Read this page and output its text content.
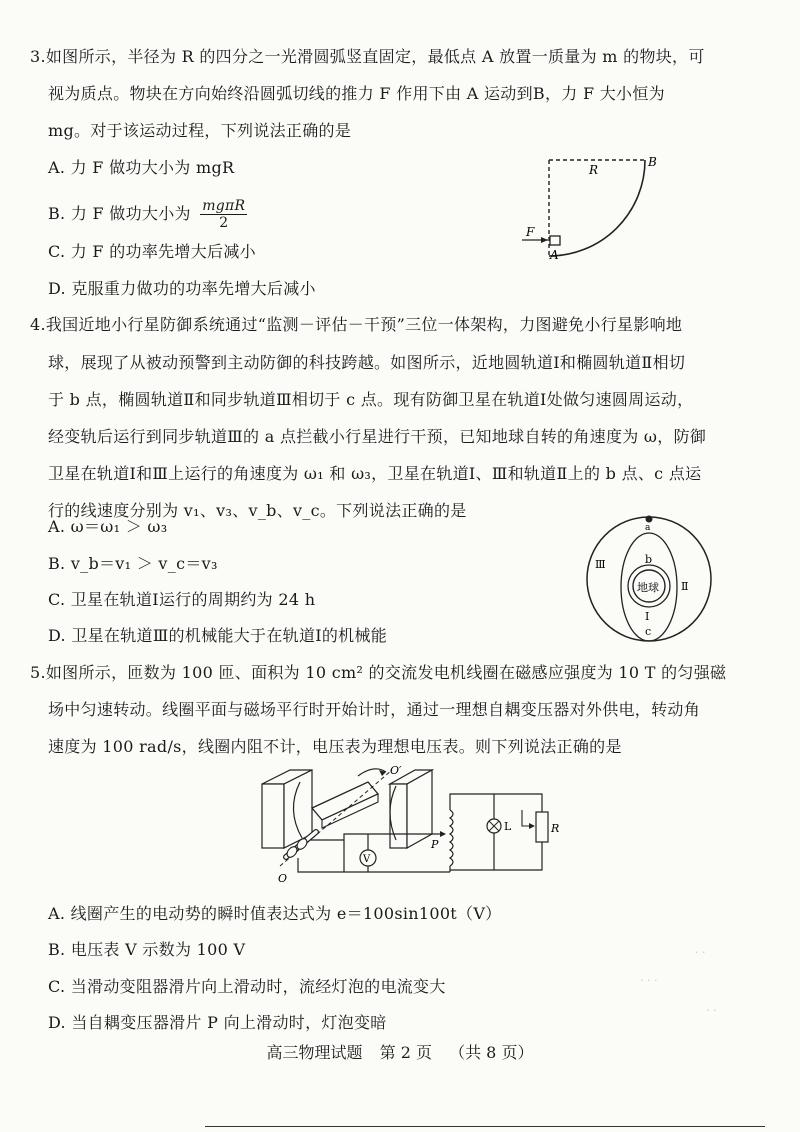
3.如图所示，半径为 R 的四分之一光滑圆弧竖直固定，最低点 A 放置一质量为 m 的物块，可
视为质点。物块在方向始终沿圆弧切线的推力 F 作用下由 A 运动到B，力 F 大小恒为
mg。对于该运动过程，下列说法正确的是
A. 力 F 做功大小为 mgR
B. 力 F 做功大小为 $\frac{\text{mgπR}}{2}$
C. 力 F 的功率先增大后减小
D. 克服重力做功的功率先增大后减小
R
B
A
F
4.我国近地小行星防御系统通过“监测－评估－干预”三位一体架构，力图避免小行星影响地
球，展现了从被动预警到主动防御的科技跨越。如图所示，近地圆轨道Ⅰ和椭圆轨道Ⅱ相切
于 b 点，椭圆轨道Ⅱ和同步轨道Ⅲ相切于 c 点。现有防御卫星在轨道Ⅰ处做匀速圆周运动，
经变轨后运行到同步轨道Ⅲ的 a 点拦截小行星进行干预，已知地球自转的角速度为 ω，防御
卫星在轨道Ⅰ和Ⅲ上运行的角速度为 ω₁ 和 ω₃，卫星在轨道Ⅰ、Ⅲ和轨道Ⅱ上的 b 点、c 点运
行的线速度分别为 v₁、v₃、v_b、v_c。下列说法正确的是
A. ω＝ω₁ ＞ ω₃
B. v_b＝v₁ ＞ v_c＝v₃
C. 卫星在轨道Ⅰ运行的周期约为 24 h
D. 卫星在轨道Ⅲ的机械能大于在轨道Ⅰ的机械能
a
b
c
地球
Ⅰ
Ⅱ
Ⅲ
5.如图所示，匝数为 100 匝、面积为 10 cm² 的交流发电机线圈在磁感应强度为 10 T 的匀强磁
场中匀速转动。线圈平面与磁场平行时开始计时，通过一理想自耦变压器对外供电，转动角
速度为 100 rad/s，线圈内阻不计，电压表为理想电压表。则下列说法正确的是
V
P
L	R
O′
O
A. 线圈产生的电动势的瞬时值表达式为 e＝100sin100t（V）
B. 电压表 V 示数为 100 V
C. 当滑动变阻器滑片向上滑动时，流经灯泡的电流变大
D. 当自耦变压器滑片 P 向上滑动时，灯泡变暗
· ·
· · ·
· ·
高三物理试题 第 2 页 （共 8 页）
